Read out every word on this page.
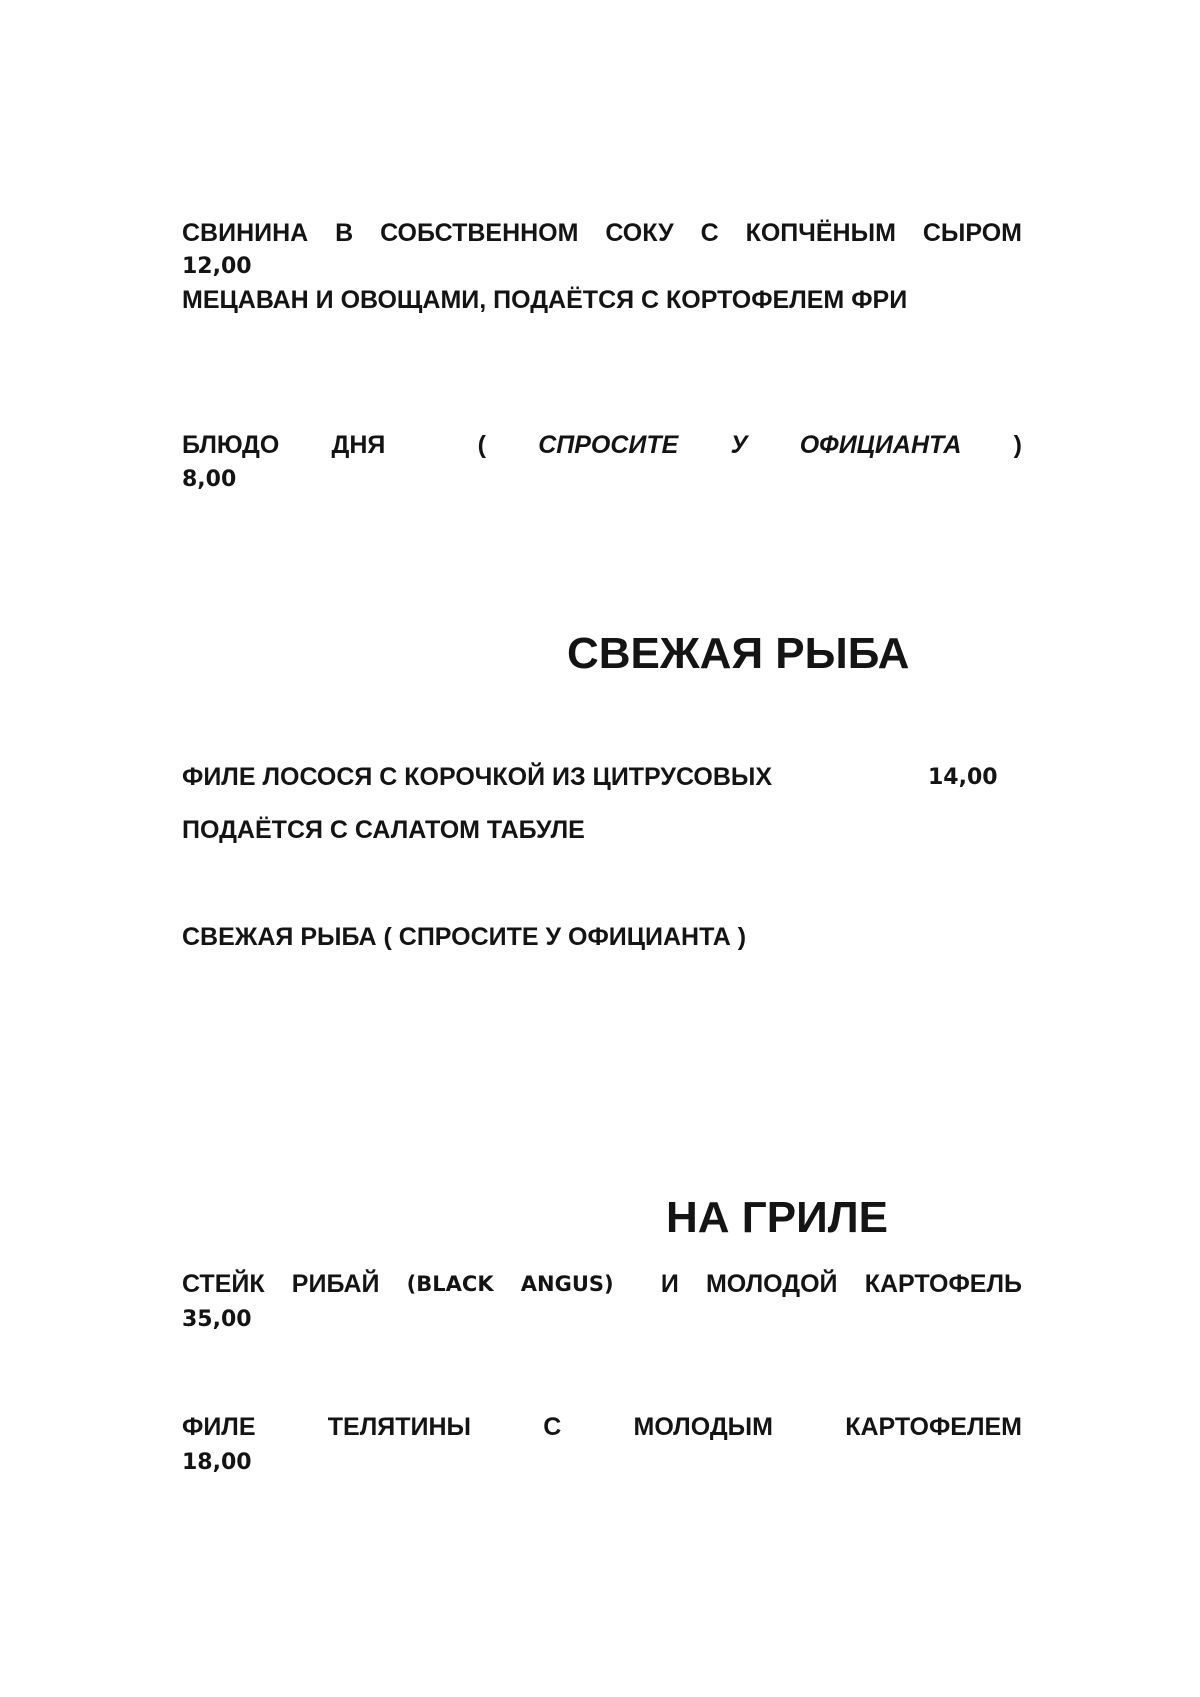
СВИНИНА В СОБСТВЕННОМ СОКУ С КОПЧЁНЫМ СЫРОМ
12,00
МЕЦАВАН И ОВОЩАМИ, ПОДАЁТСЯ С КОРТОФЕЛЕМ ФРИ
БЛЮДО ДНЯ	( СПРОСИТЕ У ОФИЦИАНТА )
8,00
СВЕЖАЯ РЫБА
ФИЛЕ ЛОСОСЯ С КОРОЧКОЙ ИЗ ЦИТРУСОВЫХ	14,00
ПОДАЁТСЯ С САЛАТОМ ТАБУЛЕ
СВЕЖАЯ РЫБА ( СПРОСИТЕ У ОФИЦИАНТА )
НА ГРИЛЕ
СТЕЙК РИБАЙ (BLACK ANGUS) И МОЛОДОЙ КАРТОФЕЛЬ
35,00
ФИЛЕ	ТЕЛЯТИНЫ	С	МОЛОДЫМ	КАРТОФЕЛЕМ
18,00
